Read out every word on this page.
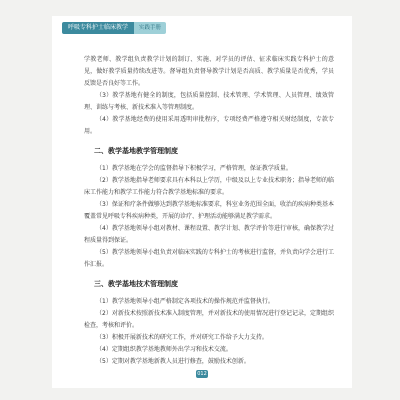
呼吸专科护士临床教学	实践手册

学教老师、教学组负责教学计划的制订、实施、对学员的评估、征求临床实践专科护士的意见，做好教学质量持续改进等。督导组负责督导教学计划是否高质、教学质量是否优秀，学员反馈是否良好等工作。

（3）教学基地有健全的制度，包括质量控制、技术管理、学术管理、人员管理、绩效管理、训练与考核、新技术准入等管理制度。

（4）教学基地经费的使用采用透明审批程序，专项经费严格遵守相关财经制度，专款专用。

二、教学基地教学管理制度

（1）教学基地在学会的监督指导下积极学习，严格管理，保证教学质量。

（2）教学基地指导老师要求具有本科以上学历，中级及以上专业技术职务；指导老师的临床工作能力和教学工作能力符合教学基地标准的要求。

（3）保证和疗条件做够达到教学基地标准要求，科室业务范围全面，收治的疾病种类基本覆盖常见呼吸专科疾病种类，开展的诊疗、护理活动能够满足教学需求。

（4）教学基地领导小组对教材、课程设置、教学计划、教学评价等进行审核，确保教学过程质量得到保证。

（5）教学基地领导小组负责对临床实践的专科护士的考核进行监督，并负责向学会进行工作汇报。

三、教学基地技术管理制度

（1）教学基地领导小组严格制定各项技术的操作规范并监督执行。

（2）对新技术按照新技术准入制度管理，并对新技术的使用情况进行登记记录，定期组织检查，考核和评价。

（3）积极开展新技术的研究工作，并对研究工作给予大力支持。

（4）定期组织教学基地教师外出学习和技术交流。

（5）定期对教学基地新教人员进行修查，鼓励技术创新。

012
